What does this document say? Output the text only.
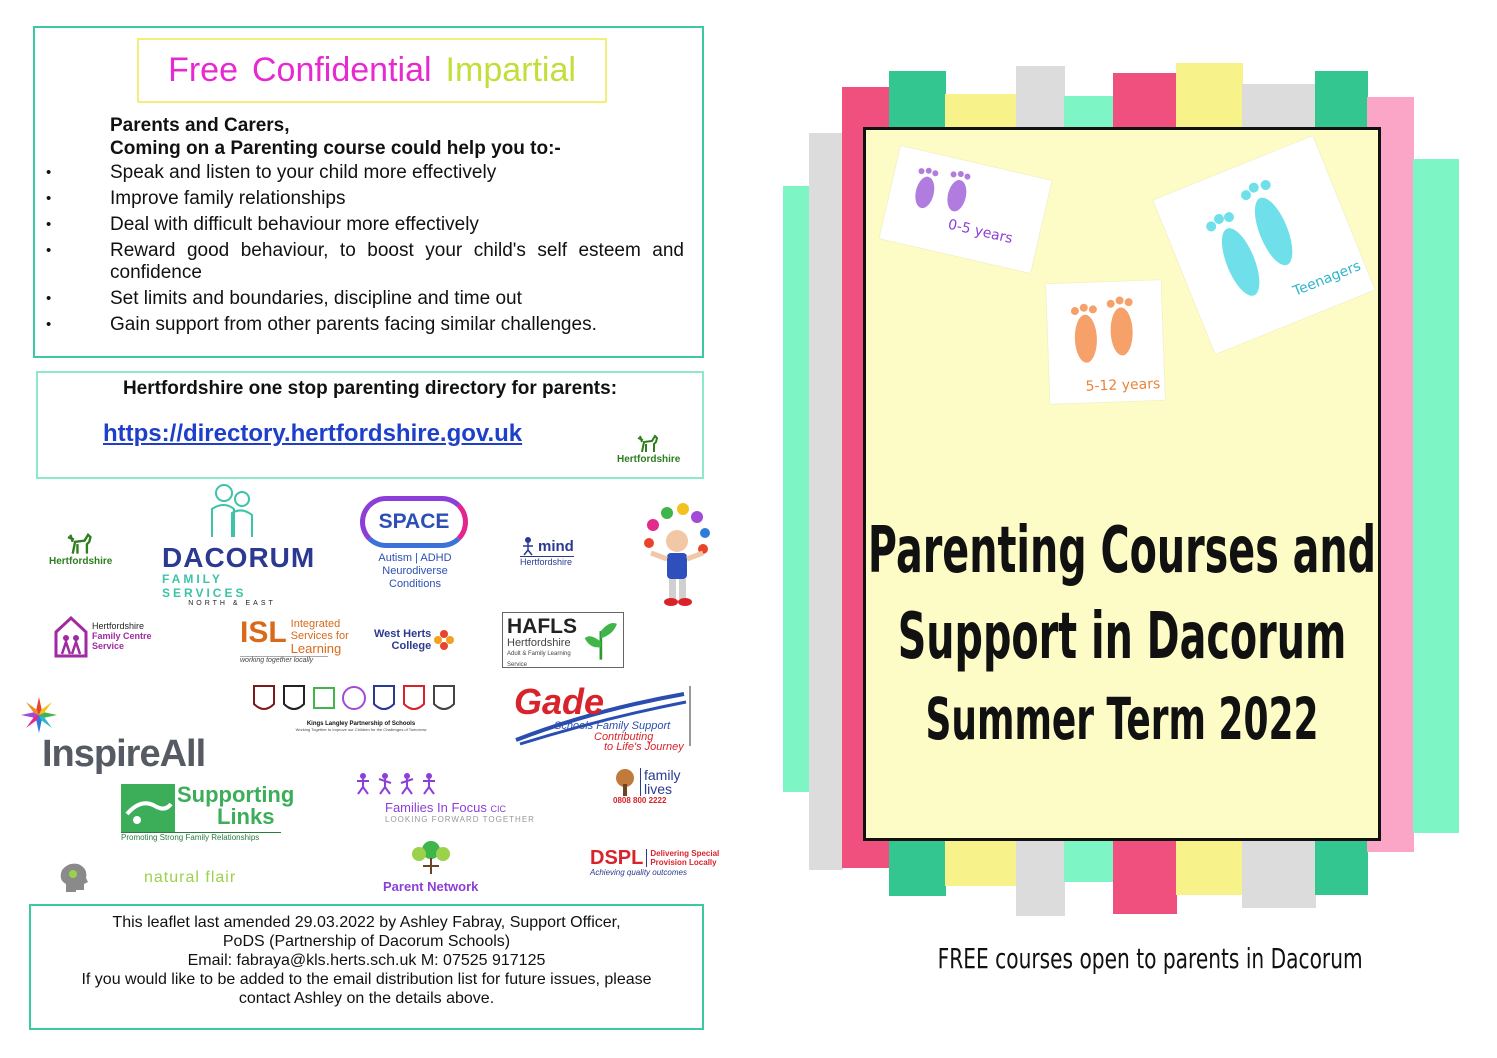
Free Confidential Impartial
Parents and Carers,
Coming on a Parenting course could help you to:-
• Speak and listen to your child more effectively
• Improve family relationships
• Deal with difficult behaviour more effectively
• Reward good behaviour, to boost your child's self esteem and confidence
• Set limits and boundaries, discipline and time out
• Gain support from other parents facing similar challenges.
Hertfordshire one stop parenting directory for parents:
https://directory.hertfordshire.gov.uk
Hertfordshire
Hertfordshire DACORUM
FAMILY SERVICES
NORTH & EAST
SPACE
Autism | ADHD
Neurodiverse Conditions
mind
Hertfordshire
Hertfordshire
Family Centre
Service	ISL Integrated
Services for
Learning
working together locally
West Herts
College
HAFLS
Hertfordshire
Adult & Family Learning Service
InspireAll
Kings Langley Partnership of Schools
Working Together to Improve our Children for the Challenges of Tomorrow
Gade
Schools Family Support
Contributing
to Life's Journey
Supporting
Links
Promoting Strong Family Relationships
Families In Focus CIC
LOOKING FORWARD TOGETHER
family
lives
0808 800 2222
natural flair
Parent Network
DSPL Delivering Special
Provision Locally
Achieving quality outcomes
This leaflet last amended 29.03.2022 by Ashley Fabray, Support Officer,
PoDS (Partnership of Dacorum Schools)
Email: fabraya@kls.herts.sch.uk M: 07525 917125
If you would like to be added to the email distribution list for future issues, please
contact Ashley on the details above.
0-5 years
Teenagers
5-12 years
Parenting Courses and
Support in Dacorum
Summer Term 2022
FREE courses open to parents in Dacorum
